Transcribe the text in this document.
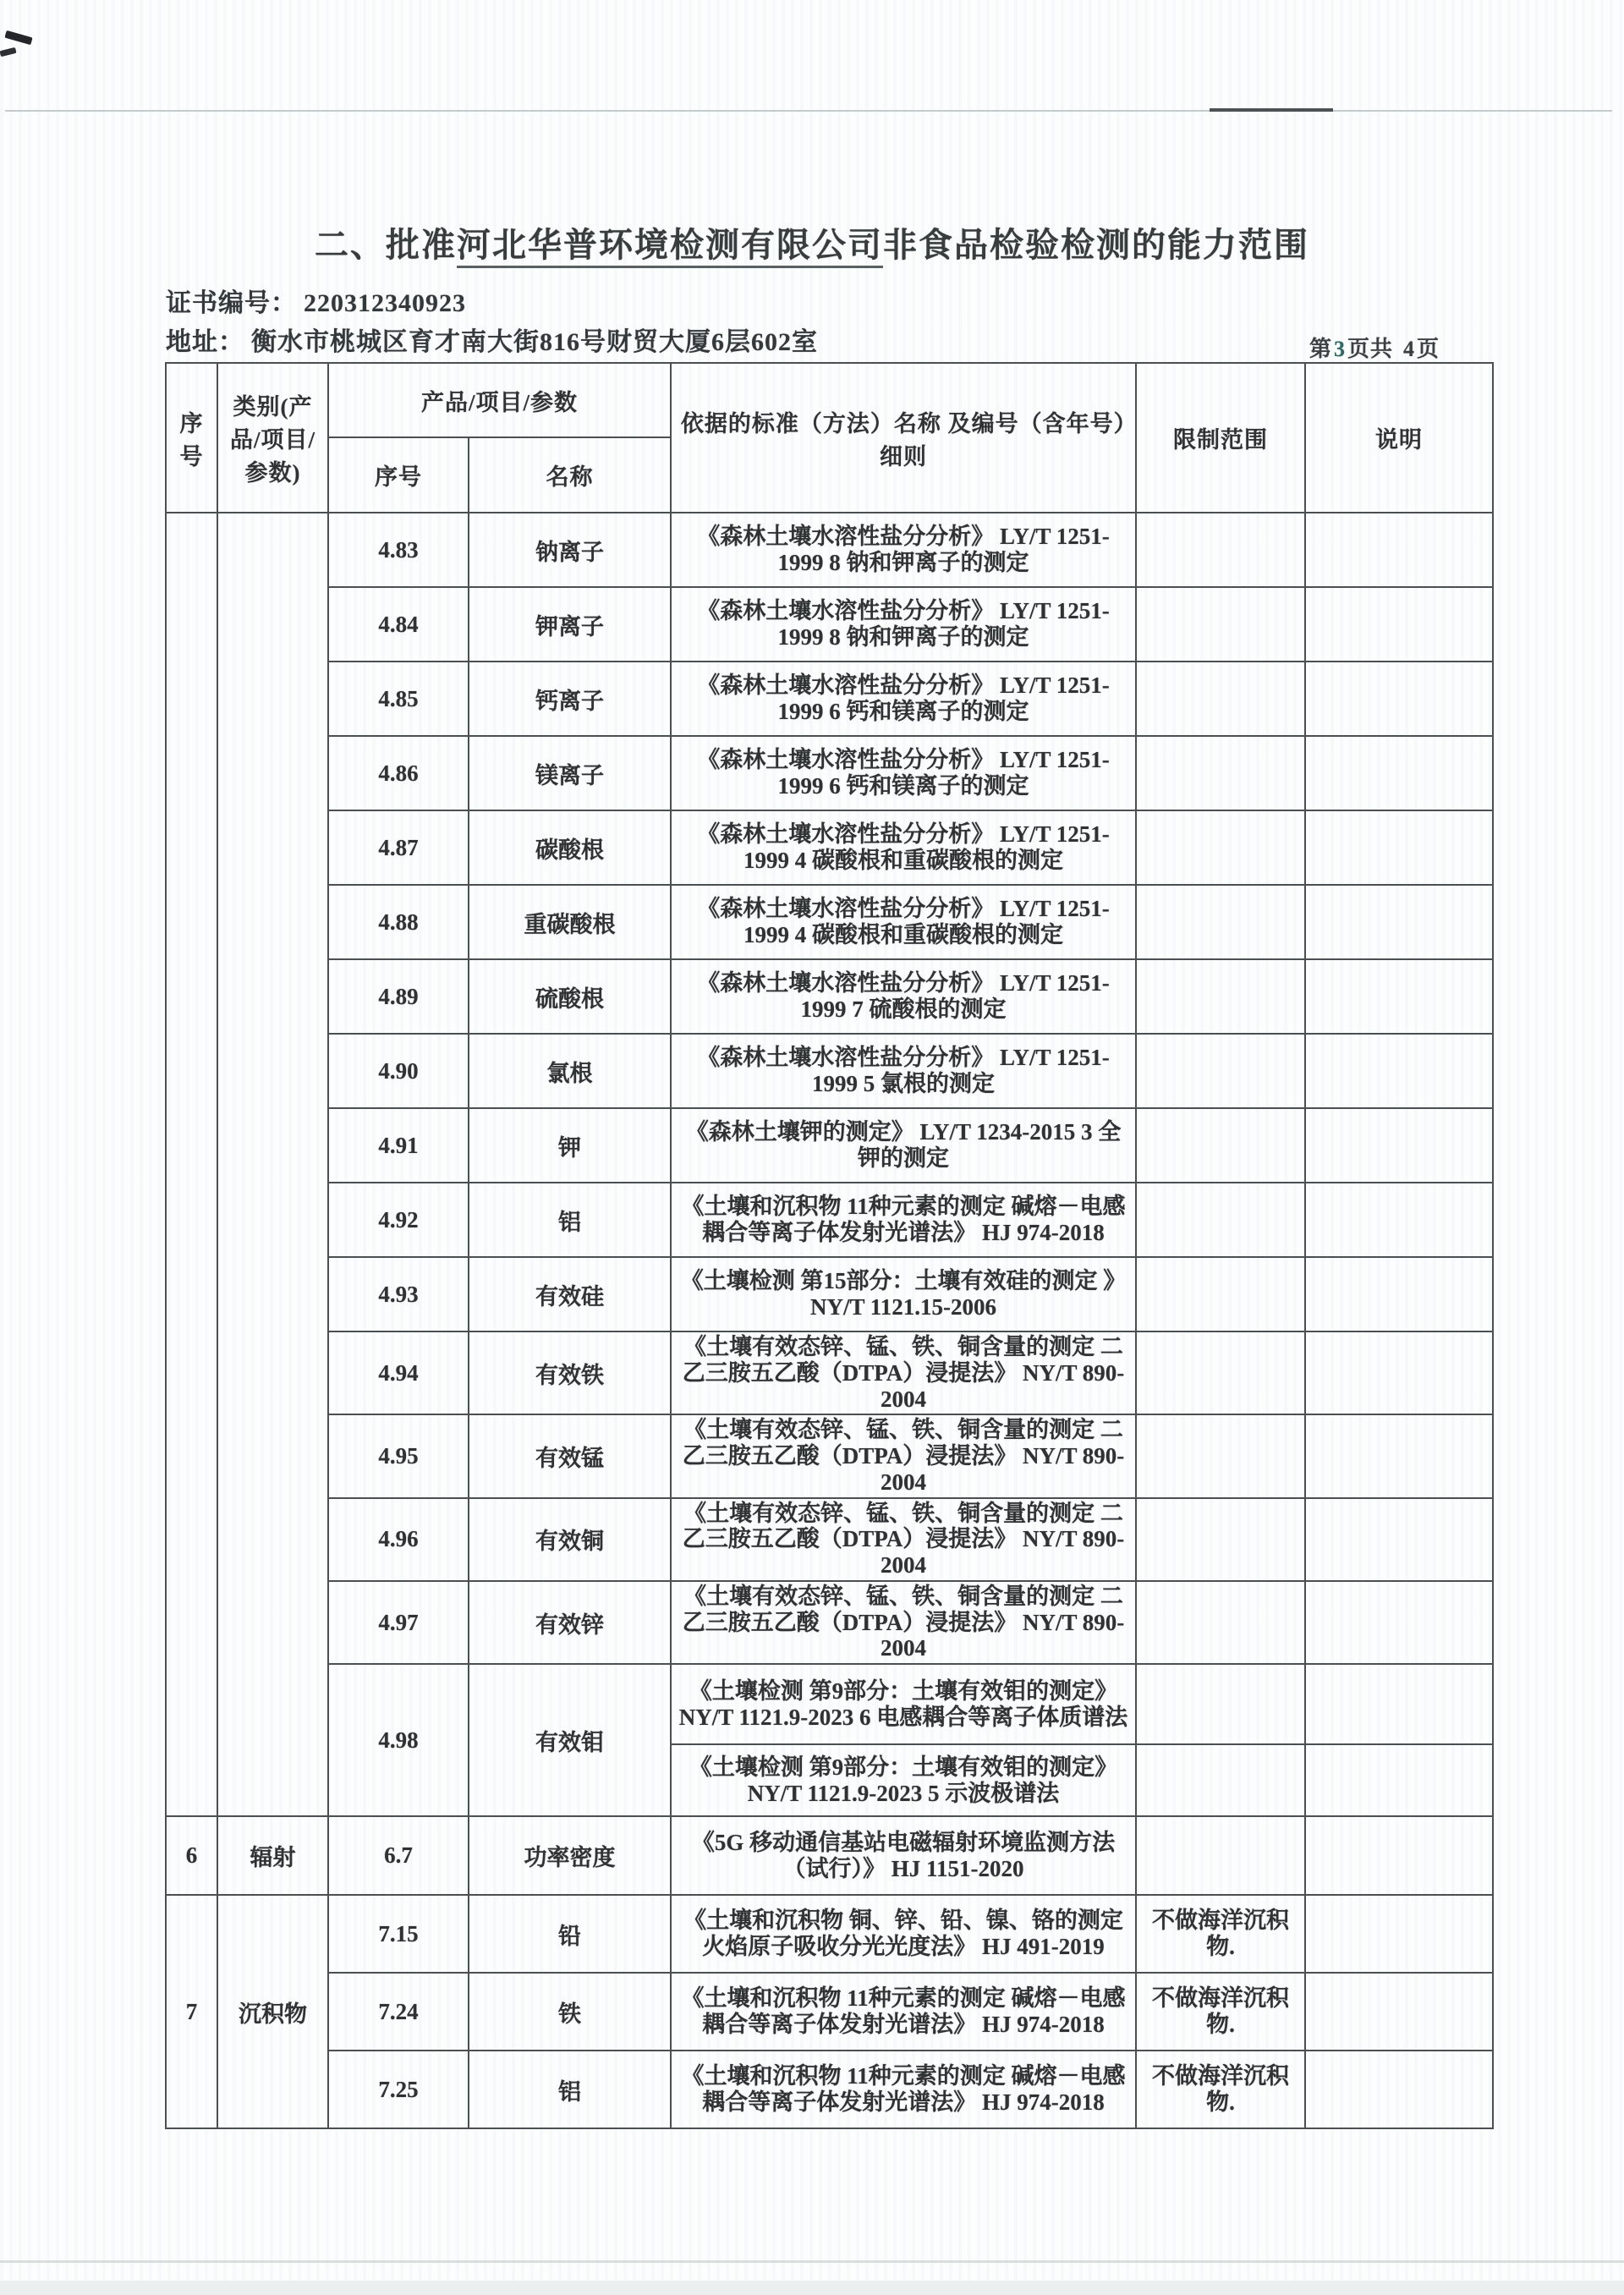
二、批准河北华普环境检测有限公司非食品检验检测的能力范围
证书编号： 220312340923
地址： 衡水市桃城区育才南大街816号财贸大厦6层602室	第3页共 4页
序号	类别(产品/项目/参数)	产品/项目/参数		依据的标准（方法）名称 及编号（含年号）细则	限制范围	说明
		序号	名称			
		4.83	钠离子	《森林土壤水溶性盐分分析》 LY/T 1251-1999 8 钠和钾离子的测定		
		4.84	钾离子	《森林土壤水溶性盐分分析》 LY/T 1251-1999 8 钠和钾离子的测定		
		4.85	钙离子	《森林土壤水溶性盐分分析》 LY/T 1251-1999 6 钙和镁离子的测定		
		4.86	镁离子	《森林土壤水溶性盐分分析》 LY/T 1251-1999 6 钙和镁离子的测定		
		4.87	碳酸根	《森林土壤水溶性盐分分析》 LY/T 1251-1999 4 碳酸根和重碳酸根的测定		
		4.88	重碳酸根	《森林土壤水溶性盐分分析》 LY/T 1251-1999 4 碳酸根和重碳酸根的测定		
		4.89	硫酸根	《森林土壤水溶性盐分分析》 LY/T 1251-1999 7 硫酸根的测定		
		4.90	氯根	《森林土壤水溶性盐分分析》 LY/T 1251-1999 5 氯根的测定		
		4.91	钾	《森林土壤钾的测定》 LY/T 1234-2015 3 全钾的测定		
		4.92	铝	《土壤和沉积物 11种元素的测定 碱熔－电感耦合等离子体发射光谱法》 HJ 974-2018		
		4.93	有效硅	《土壤检测 第15部分：土壤有效硅的测定 》 NY/T 1121.15-2006		
		4.94	有效铁	《土壤有效态锌、锰、铁、铜含量的测定 二乙三胺五乙酸（DTPA）浸提法》 NY/T 890-2004		
		4.95	有效锰	《土壤有效态锌、锰、铁、铜含量的测定 二乙三胺五乙酸（DTPA）浸提法》 NY/T 890-2004		
		4.96	有效铜	《土壤有效态锌、锰、铁、铜含量的测定 二乙三胺五乙酸（DTPA）浸提法》 NY/T 890-2004		
		4.97	有效锌	《土壤有效态锌、锰、铁、铜含量的测定 二乙三胺五乙酸（DTPA）浸提法》 NY/T 890-2004		
		4.98	有效钼	《土壤检测 第9部分：土壤有效钼的测定》 NY/T 1121.9-2023 6 电感耦合等离子体质谱法		
				《土壤检测 第9部分：土壤有效钼的测定》 NY/T 1121.9-2023 5 示波极谱法		
6	辐射	6.7	功率密度	《5G 移动通信基站电磁辐射环境监测方法（试行）》 HJ 1151-2020		
7	沉积物	7.15	铅	《土壤和沉积物 铜、锌、铅、镍、铬的测定 火焰原子吸收分光光度法》 HJ 491-2019	不做海洋沉积物.	
		7.24	铁	《土壤和沉积物 11种元素的测定 碱熔－电感耦合等离子体发射光谱法》 HJ 974-2018	不做海洋沉积物.	
		7.25	铝	《土壤和沉积物 11种元素的测定 碱熔－电感耦合等离子体发射光谱法》 HJ 974-2018	不做海洋沉积物.	
